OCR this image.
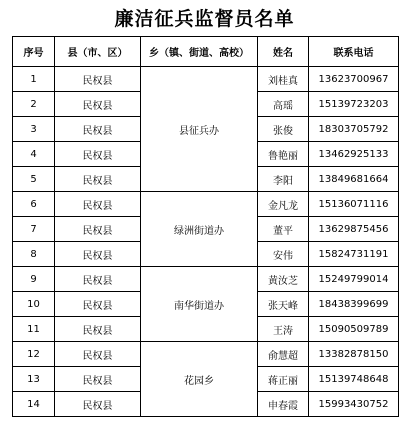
廉洁征兵监督员名单
序号	县（市、区）	乡（镇、街道、高校）	姓名	联系电话
1	民权县	县征兵办	刘桂真	13623700967
2	民权县		高瑶	15139723203
3	民权县		张俊	18303705792
4	民权县		鲁艳丽	13462925133
5	民权县		李阳	13849681664
6	民权县	绿洲街道办	金凡龙	15136071116
7	民权县		董平	13629875456
8	民权县		安伟	15824731191
9	民权县	南华街道办	黄汝芝	15249799014
10	民权县		张天峰	18438399699
11	民权县		王涛	15090509789
12	民权县	花园乡	俞慧超	13382878150
13	民权县		蒋正丽	15139748648
14	民权县		申春霞	15993430752
